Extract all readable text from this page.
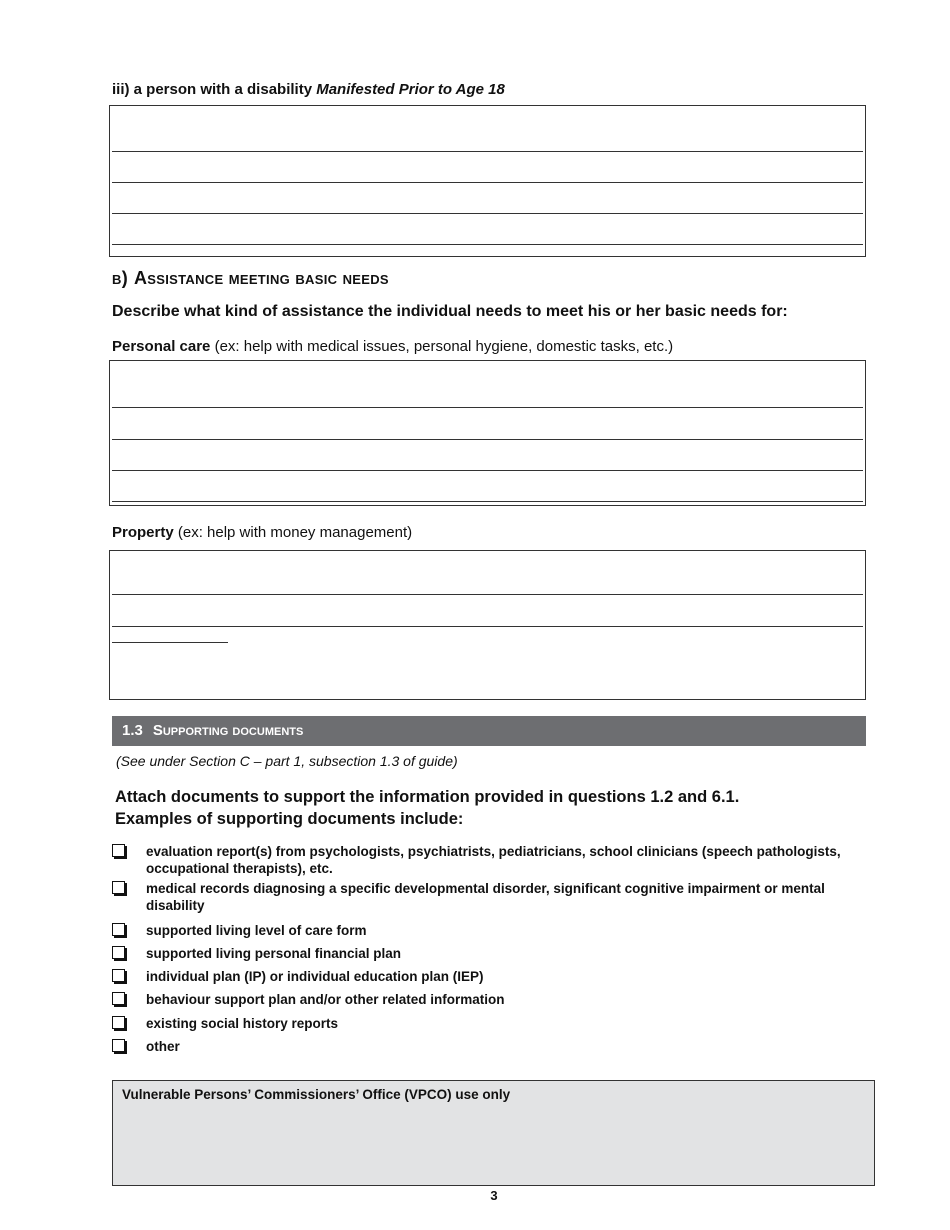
iii) a person with a disability Manifested Prior to Age 18
b) Assistance meeting basic needs
Describe what kind of assistance the individual needs to meet his or her basic needs for:
Personal care (ex: help with medical issues, personal hygiene, domestic tasks, etc.)
Property (ex: help with money management)
1.3 Supporting documents
(See under Section C – part 1, subsection 1.3 of guide)
Attach documents to support the information provided in questions 1.2 and 6.1.
Examples of supporting documents include:
evaluation report(s) from psychologists, psychiatrists, pediatricians, school clinicians (speech pathologists, occupational therapists), etc.
medical records diagnosing a specific developmental disorder, significant cognitive impairment or mental disability
supported living level of care form
supported living personal financial plan
individual plan (IP) or individual education plan (IEP)
behaviour support plan and/or other related information
existing social history reports
other
Vulnerable Persons’ Commissioners’ Office (VPCO) use only
3
